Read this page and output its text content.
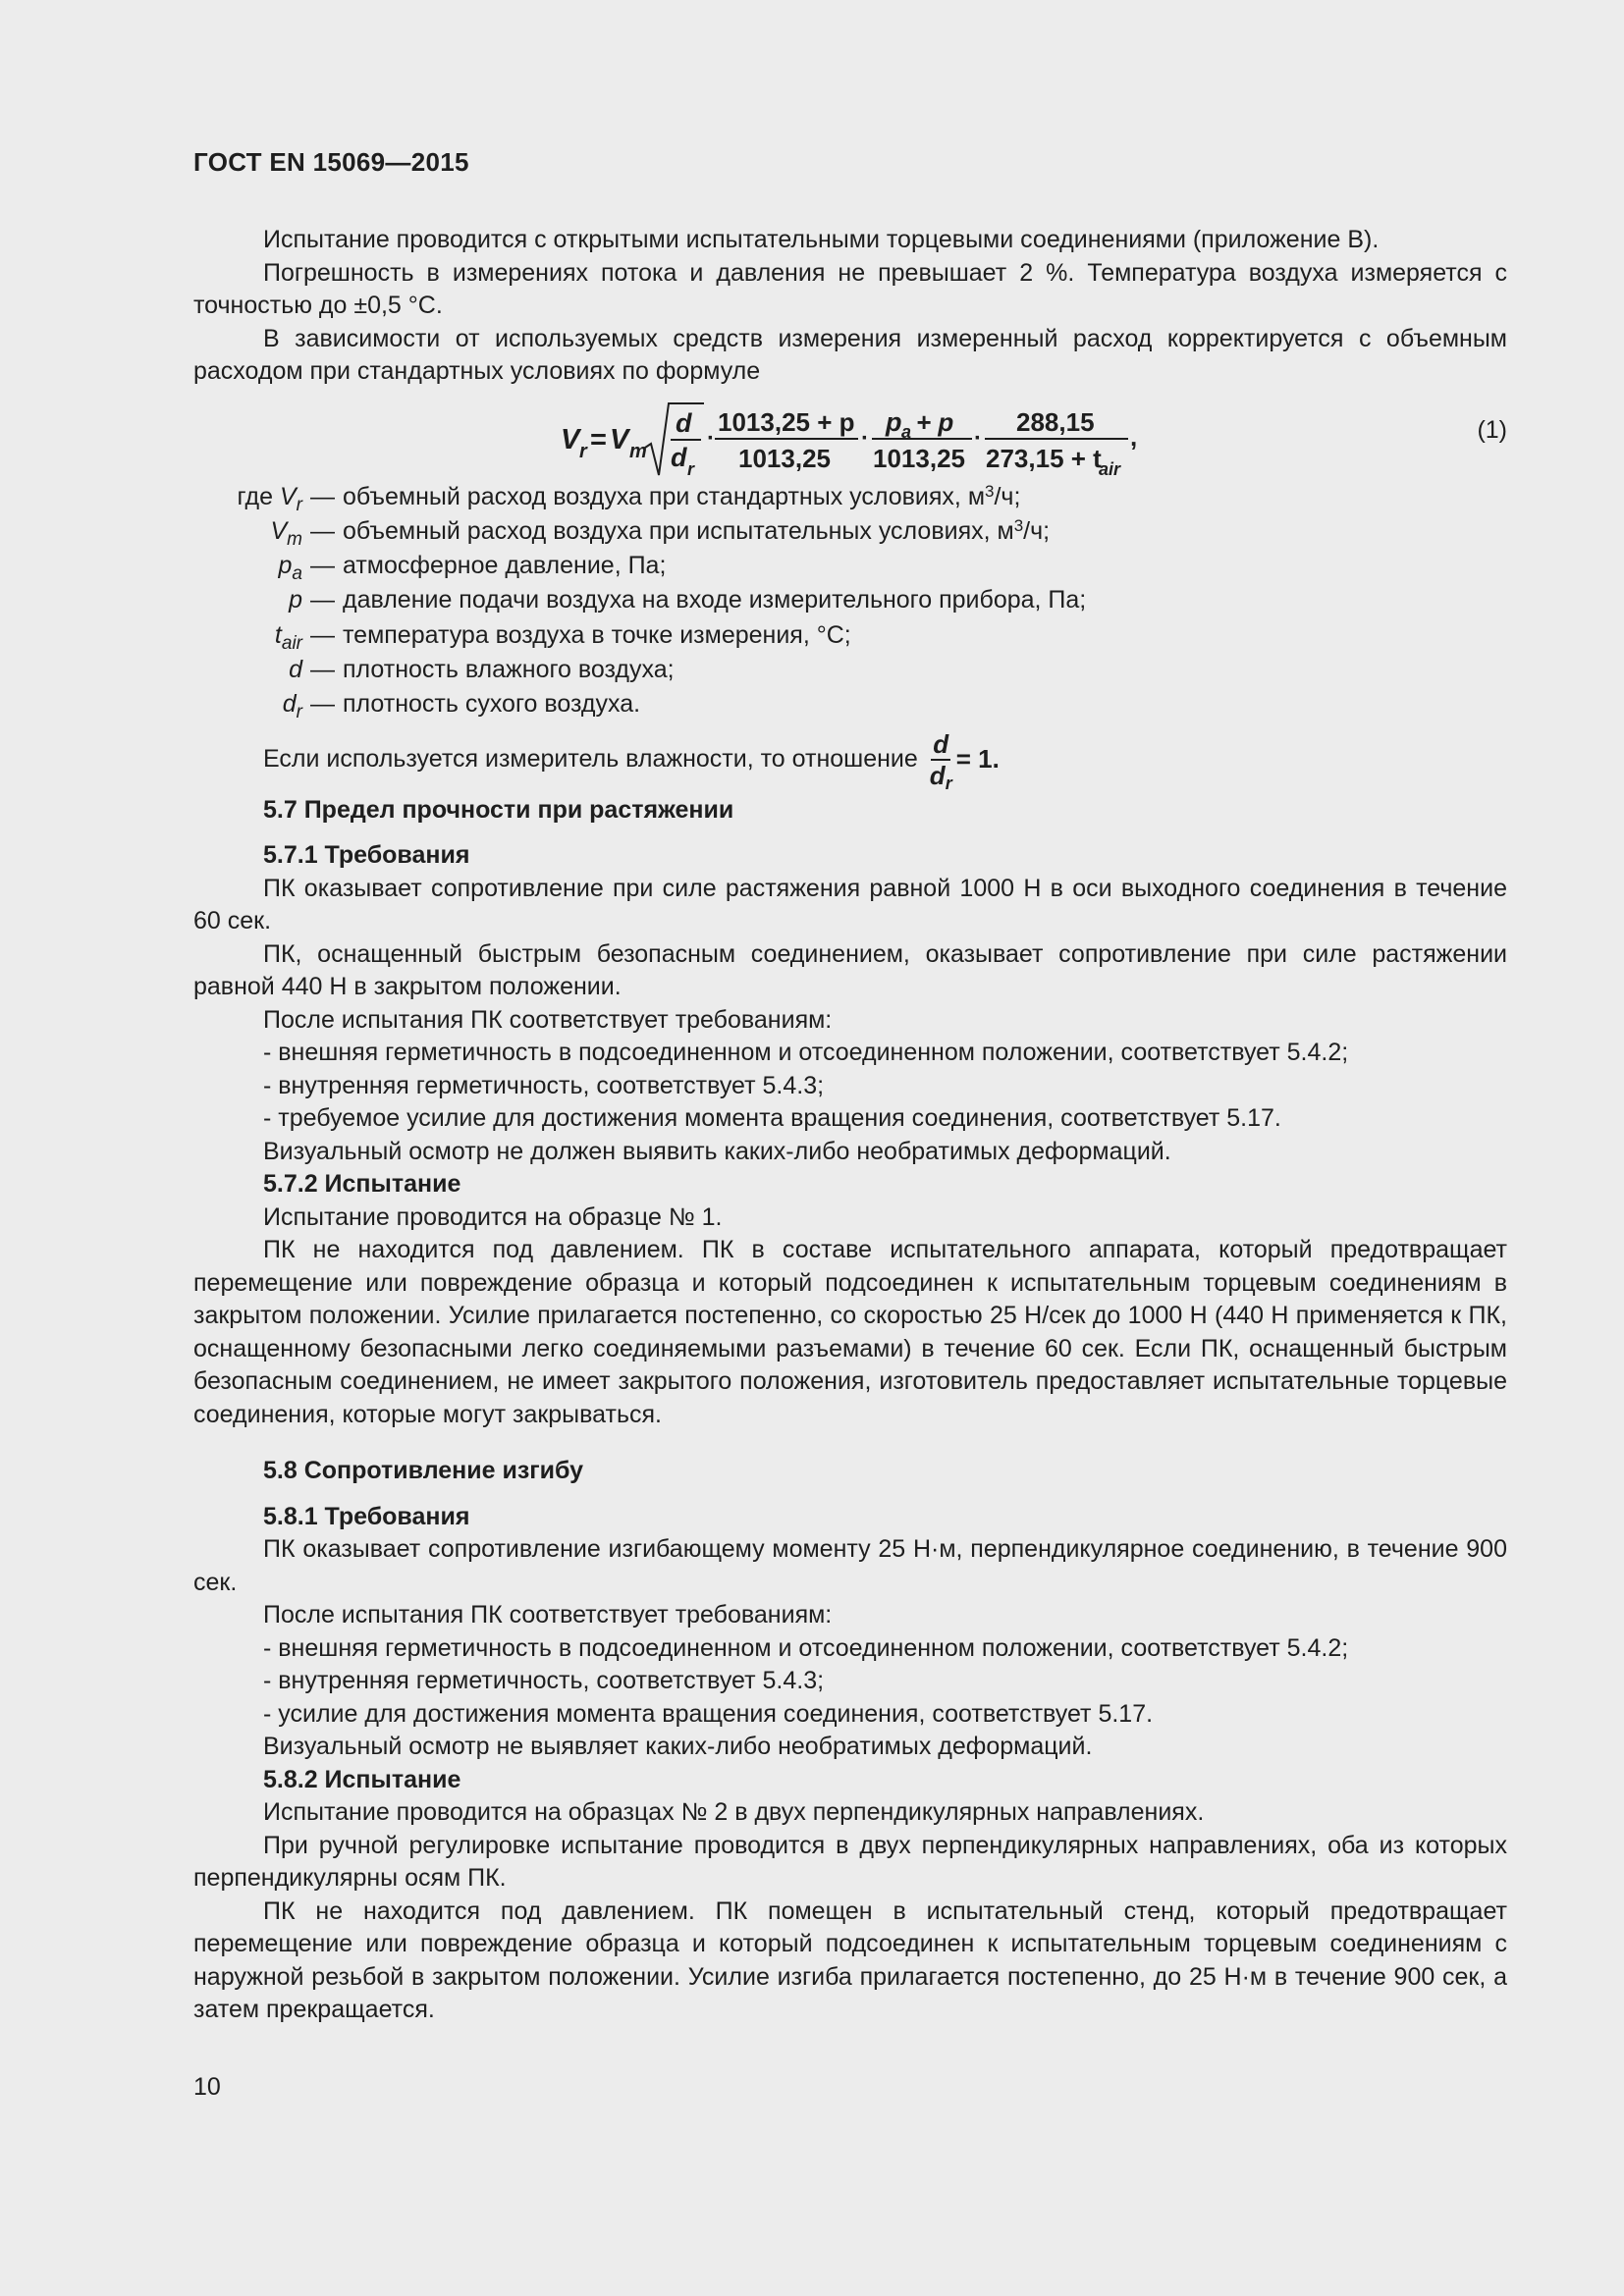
ГОСТ EN 15069—2015

Испытание проводится с открытыми испытательными торцевыми соединениями (приложение B).

Погрешность в измерениях потока и давления не превышает 2 %. Температура воздуха измеряется с точностью до ±0,5 °С.

В зависимости от используемых средств измерения измеренный расход корректируется с объемным расходом при стандартных условиях по формуле

V r = V m
d
d r
·
1013,25 + p
1013,25
·
p a + p
1013,25
·
288,15
273,15 + t
air
,	(1)
где $V_r$ — объемный расход воздуха при стандартных условиях, $м^3/ч$;
$V_m$ — объемный расход воздуха при испытательных условиях, $м^3/ч$;
$p_a$ — атмосферное давление, Па;
p — давление подачи воздуха на входе измерительного прибора, Па;
$t_{air}$ — температура воздуха в точке измерения, °С;
d — плотность влажного воздуха;
$d_r$ — плотность сухого воздуха.
Если используется измеритель влажности, то отношение $\frac{d}{d_r} = 1$.

5.7 Предел прочности при растяжении

5.7.1 Требования

ПК оказывает сопротивление при силе растяжения равной 1000 Н в оси выходного соединения в течение 60 сек.

ПК, оснащенный быстрым безопасным соединением, оказывает сопротивление при силе растяжении равной 440 Н в закрытом положении.

После испытания ПК соответствует требованиям:

- внешняя герметичность в подсоединенном и отсоединенном положении, соответствует 5.4.2;

- внутренняя герметичность, соответствует 5.4.3;

- требуемое усилие для достижения момента вращения соединения, соответствует 5.17.

Визуальный осмотр не должен выявить каких-либо необратимых деформаций.

5.7.2 Испытание

Испытание проводится на образце № 1.

ПК не находится под давлением. ПК в составе испытательного аппарата, который предотвращает перемещение или повреждение образца и который подсоединен к испытательным торцевым соединениям в закрытом положении. Усилие прилагается постепенно, со скоростью 25 Н/сек до 1000 Н (440 Н применяется к ПК, оснащенному безопасными легко соединяемыми разъемами) в течение 60 сек. Если ПК, оснащенный быстрым безопасным соединением, не имеет закрытого положения, изготовитель предоставляет испытательные торцевые соединения, которые могут закрываться.

5.8 Сопротивление изгибу

5.8.1 Требования

ПК оказывает сопротивление изгибающему моменту 25 Н·м, перпендикулярное соединению, в течение 900 сек.

После испытания ПК соответствует требованиям:

- внешняя герметичность в подсоединенном и отсоединенном положении, соответствует 5.4.2;

- внутренняя герметичность, соответствует 5.4.3;

- усилие для достижения момента вращения соединения, соответствует 5.17.

Визуальный осмотр не выявляет каких-либо необратимых деформаций.

5.8.2 Испытание

Испытание проводится на образцах № 2 в двух перпендикулярных направлениях.

При ручной регулировке испытание проводится в двух перпендикулярных направлениях, оба из которых перпендикулярны осям ПК.

ПК не находится под давлением. ПК помещен в испытательный стенд, который предотвращает перемещение или повреждение образца и который подсоединен к испытательным торцевым соединениям с наружной резьбой в закрытом положении. Усилие изгиба прилагается постепенно, до 25 Н·м в течение 900 сек, а затем прекращается.

10
